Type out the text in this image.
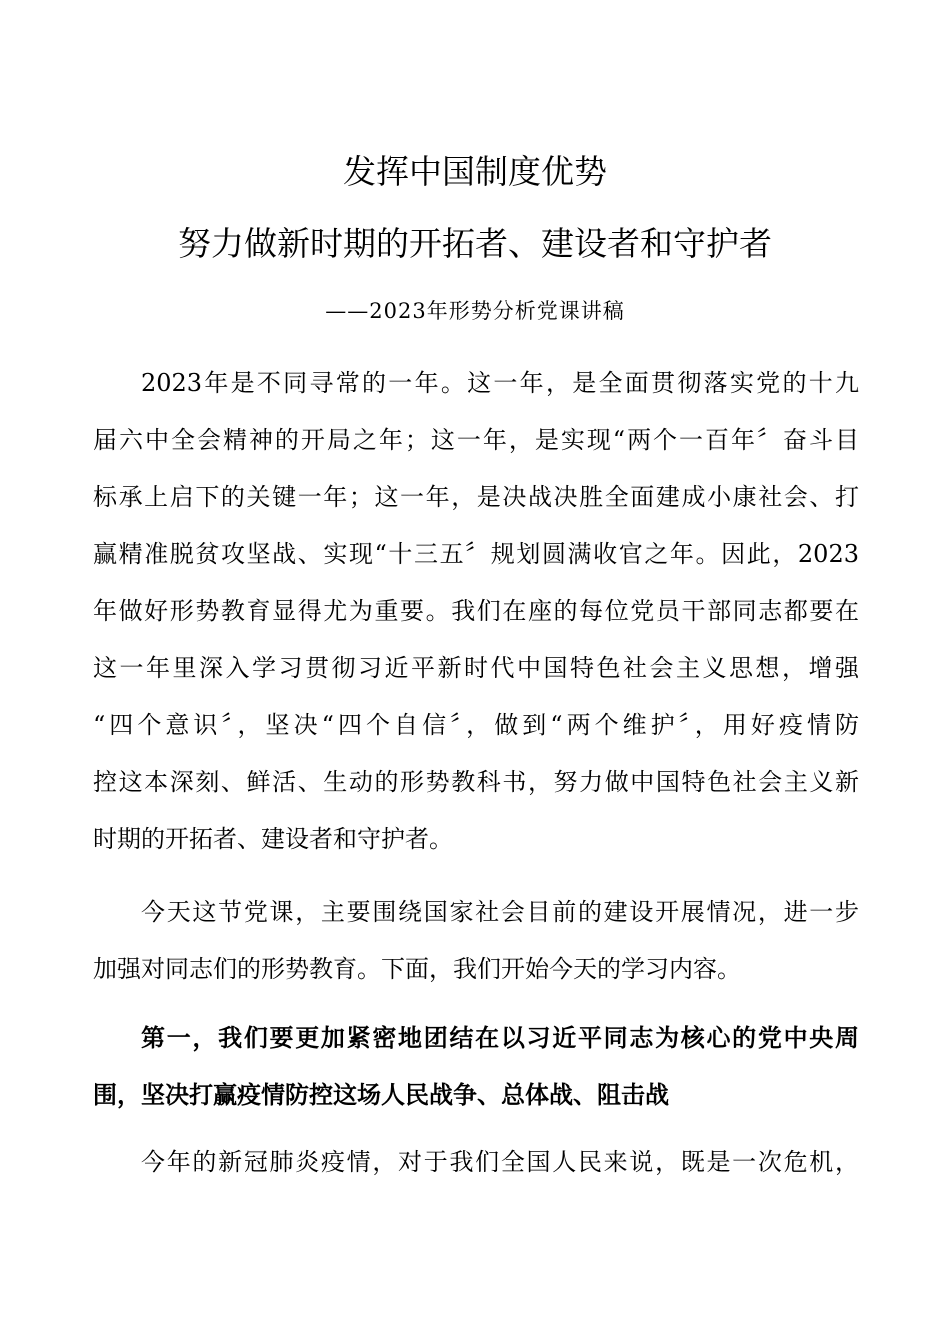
发挥中国制度优势
努力做新时期的开拓者、建设者和守护者
——2023年形势分析党课讲稿
2023年是不同寻常的一年。这一年，是全面贯彻落实党的十九
届六中全会精神的开局之年；这一年，是实现“两个一百年〞奋斗目
标承上启下的关键一年；这一年，是决战决胜全面建成小康社会、打
赢精准脱贫攻坚战、实现“十三五〞规划圆满收官之年。因此，2023
年做好形势教育显得尤为重要。我们在座的每位党员干部同志都要在
这一年里深入学习贯彻习近平新时代中国特色社会主义思想，增强
“四个意识〞，坚决“四个自信〞，做到“两个维护〞，用好疫情防
控这本深刻、鲜活、生动的形势教科书，努力做中国特色社会主义新
时期的开拓者、建设者和守护者。
今天这节党课，主要围绕国家社会目前的建设开展情况，进一步
加强对同志们的形势教育。下面，我们开始今天的学习内容。
第一，我们要更加紧密地团结在以习近平同志为核心的党中央周
围，坚决打赢疫情防控这场人民战争、总体战、阻击战
今年的新冠肺炎疫情，对于我们全国人民来说，既是一次危机，
